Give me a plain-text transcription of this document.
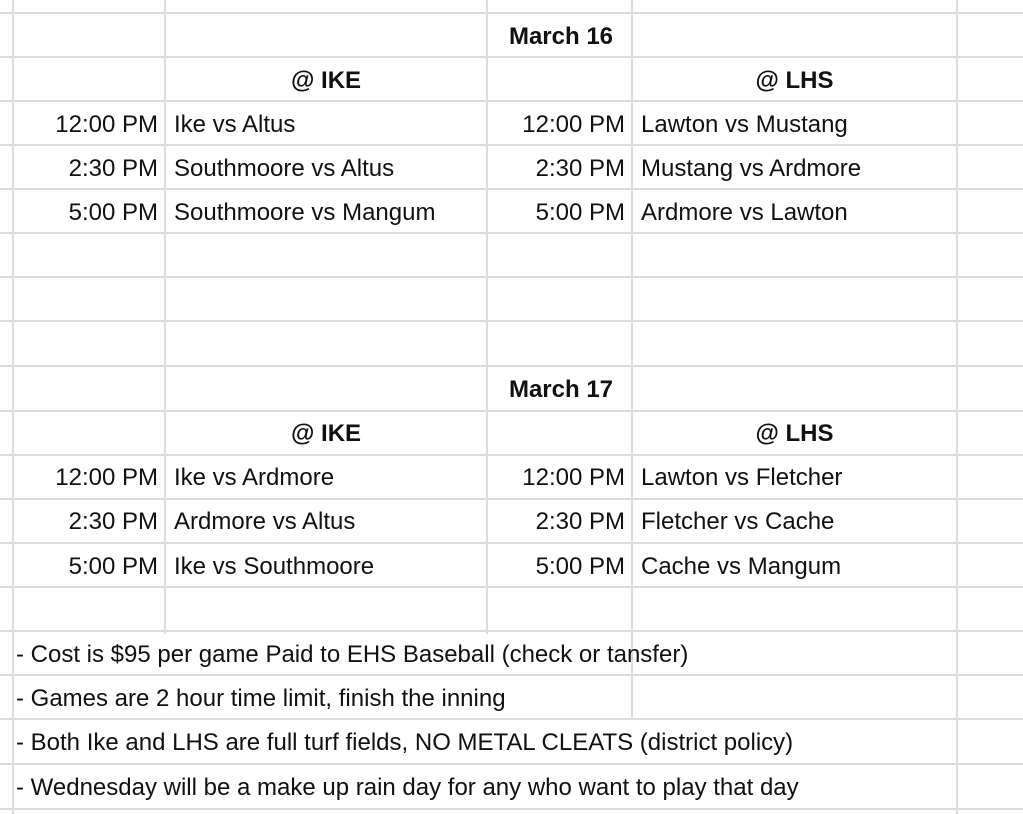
March 16
@ IKE	@ LHS
12:00 PM Ike vs Altus	12:00 PM Lawton vs Mustang
2:30 PM Southmoore vs Altus	2:30 PM Mustang vs Ardmore
5:00 PM Southmoore vs Mangum	5:00 PM Ardmore vs Lawton
March 17
@ IKE	@ LHS
12:00 PM Ike vs Ardmore	12:00 PM Lawton vs Fletcher
2:30 PM Ardmore vs Altus	2:30 PM Fletcher vs Cache
5:00 PM Ike vs Southmoore	5:00 PM Cache vs Mangum
- Cost is $95 per game Paid to EHS Baseball (check or tansfer)
- Games are 2 hour time limit, finish the inning
- Both Ike and LHS are full turf fields, NO METAL CLEATS (district policy)
- Wednesday will be a make up rain day for any who want to play that day
